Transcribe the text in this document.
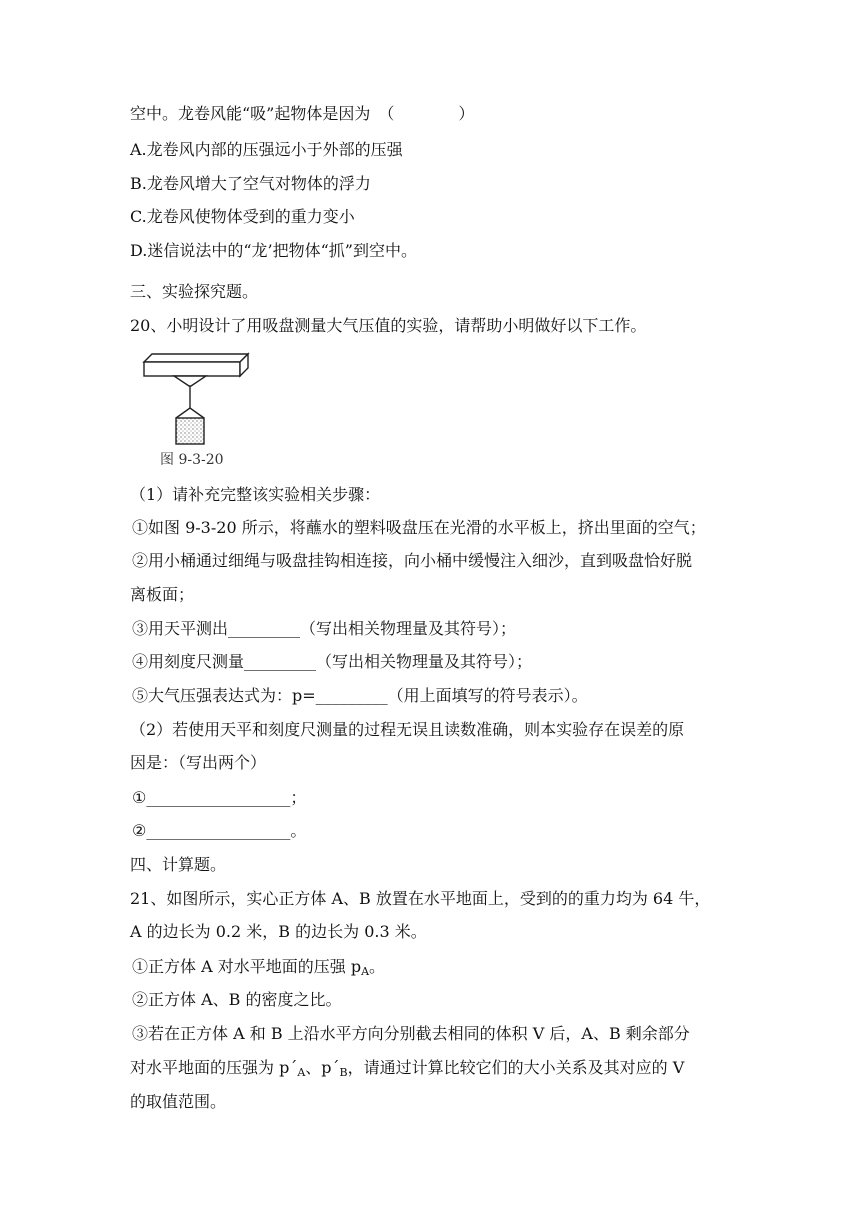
空中。龙卷风能“吸”起物体是因为　（　　　　）
A.龙卷风内部的压强远小于外部的压强
B.龙卷风增大了空气对物体的浮力
C.龙卷风使物体受到的重力变小
D.迷信说法中的“龙’把物体“抓”到空中。
三、实验探究题。
20、小明设计了用吸盘测量大气压值的实验，请帮助小明做好以下工作。
图 9-3-20
（1）请补充完整该实验相关步骤：
①如图 9-3-20 所示，将蘸水的塑料吸盘压在光滑的水平板上，挤出里面的空气；
②用小桶通过细绳与吸盘挂钩相连接，向小桶中缓慢注入细沙，直到吸盘恰好脱
离板面；
③用天平测出_________（写出相关物理量及其符号）；
④用刻度尺测量_________（写出相关物理量及其符号）；
⑤大气压强表达式为：p=_________（用上面填写的符号表示）。
（2）若使用天平和刻度尺测量的过程无误且读数准确，则本实验存在误差的原
因是：（写出两个）
①__________________；
②__________________。
四、计算题。
21、如图所示，实心正方体 A、B 放置在水平地面上，受到的的重力均为 64 牛，
A 的边长为 0.2 米，B 的边长为 0.3 米。
①正方体 A 对水平地面的压强 $p_A$。
②正方体 A、B 的密度之比。
③若在正方体 A 和 B 上沿水平方向分别截去相同的体积 V 后，A、B 剩余部分
对水平地面的压强为 $p´_A$、$p´_B$，请通过计算比较它们的大小关系及其对应的 V
的取值范围。
